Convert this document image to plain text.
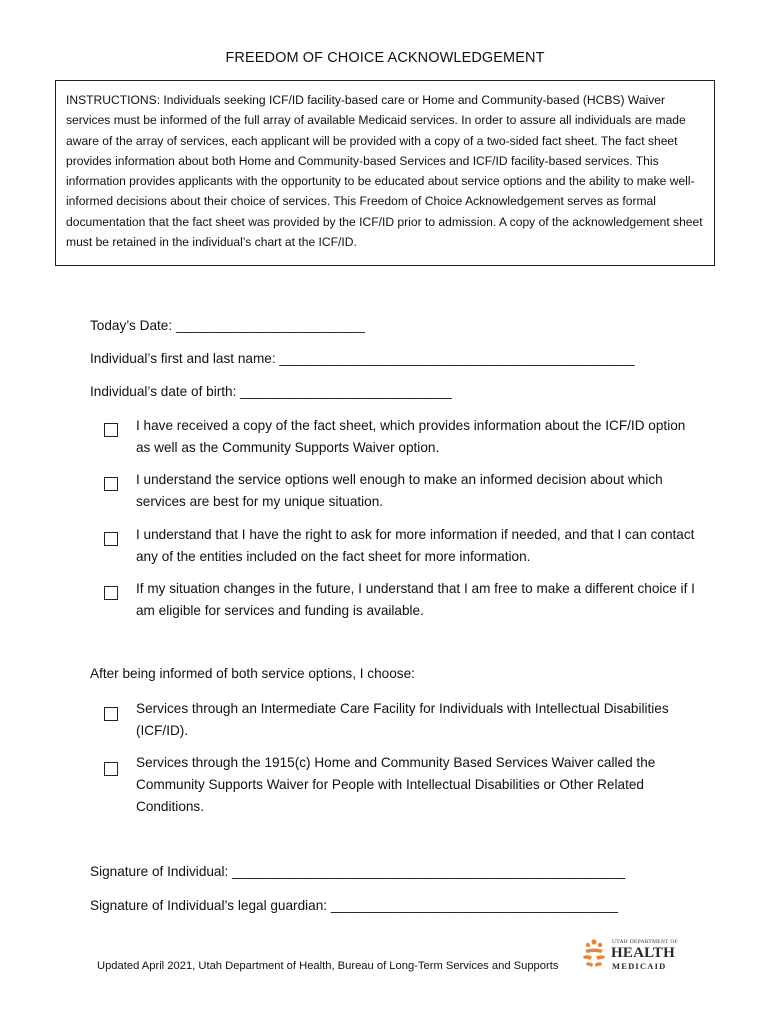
FREEDOM OF CHOICE ACKNOWLEDGEMENT
INSTRUCTIONS: Individuals seeking ICF/ID facility-based care or Home and Community-based (HCBS) Waiver services must be informed of the full array of available Medicaid services. In order to assure all individuals are made aware of the array of services, each applicant will be provided with a copy of a two-sided fact sheet. The fact sheet provides information about both Home and Community-based Services and ICF/ID facility-based services. This information provides applicants with the opportunity to be educated about service options and the ability to make well-informed decisions about their choice of services. This Freedom of Choice Acknowledgement serves as formal documentation that the fact sheet was provided by the ICF/ID prior to admission. A copy of the acknowledgement sheet must be retained in the individual’s chart at the ICF/ID.
Today’s Date: _________________________
Individual’s first and last name: _______________________________________________
Individual’s date of birth: ____________________________
I have received a copy of the fact sheet, which provides information about the ICF/ID option as well as the Community Supports Waiver option.
I understand the service options well enough to make an informed decision about which services are best for my unique situation.
I understand that I have the right to ask for more information if needed, and that I can contact any of the entities included on the fact sheet for more information.
If my situation changes in the future, I understand that I am free to make a different choice if I am eligible for services and funding is available.
After being informed of both service options, I choose:
Services through an Intermediate Care Facility for Individuals with Intellectual Disabilities (ICF/ID).
Services through the 1915(c) Home and Community Based Services Waiver called the Community Supports Waiver for People with Intellectual Disabilities or Other Related Conditions.
Signature of Individual: ____________________________________________________
Signature of Individual’s legal guardian: ______________________________________
Updated April 2021, Utah Department of Health, Bureau of Long-Term Services and Supports
UTAH DEPARTMENT OF
HEALTH
MEDICAID
